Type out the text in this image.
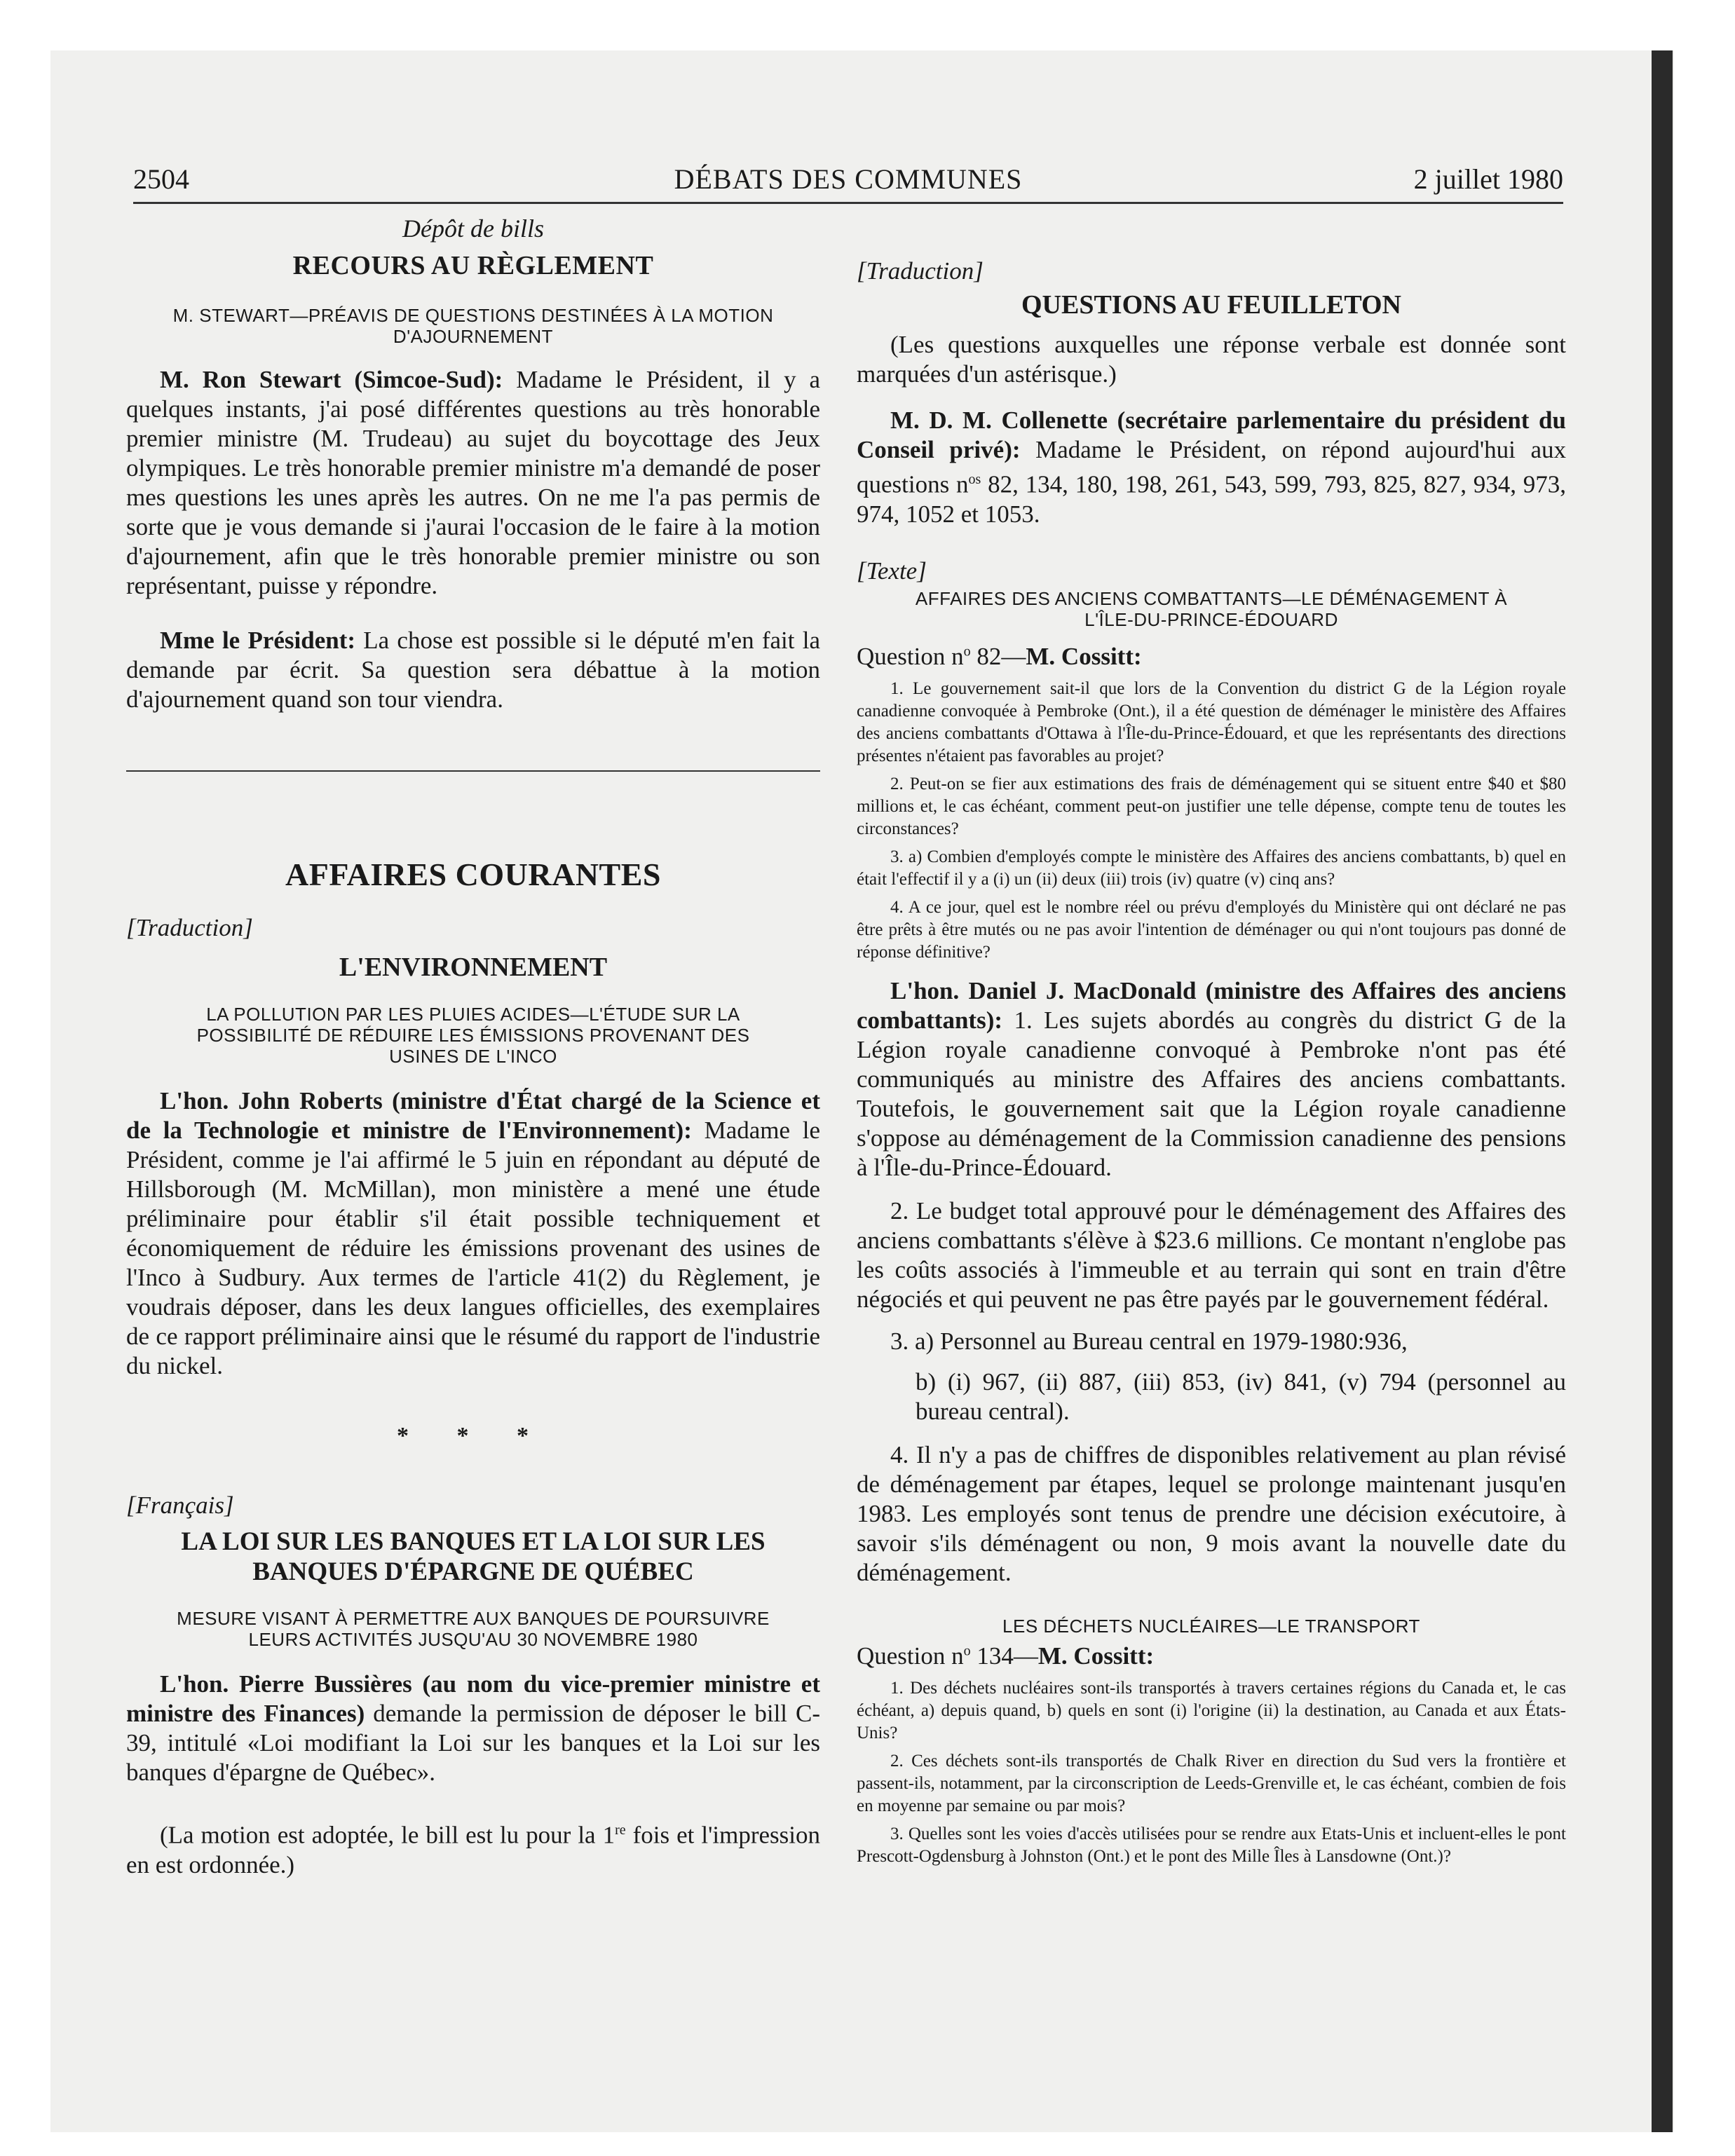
2504	DÉBATS DES COMMUNES	2 juillet 1980

Dépôt de bills

RECOURS AU RÈGLEMENT

M. STEWART—PRÉAVIS DE QUESTIONS DESTINÉES À LA MOTION

D'AJOURNEMENT

M. Ron Stewart (Simcoe-Sud): Madame le Président, il y a quelques instants, j'ai posé différentes questions au très honorable premier ministre (M. Trudeau) au sujet du boycottage des Jeux olympiques. Le très honorable premier ministre m'a demandé de poser mes questions les unes après les autres. On ne me l'a pas permis de sorte que je vous demande si j'aurai l'occasion de le faire à la motion d'ajournement, afin que le très honorable premier ministre ou son représentant, puisse y répondre.

Mme le Président: La chose est possible si le député m'en fait la demande par écrit. Sa question sera débattue à la motion d'ajournement quand son tour viendra.

AFFAIRES COURANTES

[Traduction]

L'ENVIRONNEMENT

LA POLLUTION PAR LES PLUIES ACIDES—L'ÉTUDE SUR LA

POSSIBILITÉ DE RÉDUIRE LES ÉMISSIONS PROVENANT DES

USINES DE L'INCO

L'hon. John Roberts (ministre d'État chargé de la Science et de la Technologie et ministre de l'Environnement): Madame le Président, comme je l'ai affirmé le 5 juin en répondant au député de Hillsborough (M. McMillan), mon ministère a mené une étude préliminaire pour établir s'il était possible techniquement et économiquement de réduire les émissions provenant des usines de l'Inco à Sudbury. Aux termes de l'article 41(2) du Règlement, je voudrais déposer, dans les deux langues officielles, des exemplaires de ce rapport préliminaire ainsi que le résumé du rapport de l'industrie du nickel.

* * *

[Français]

LA LOI SUR LES BANQUES ET LA LOI SUR LES

BANQUES D'ÉPARGNE DE QUÉBEC

MESURE VISANT À PERMETTRE AUX BANQUES DE POURSUIVRE

LEURS ACTIVITÉS JUSQU'AU 30 NOVEMBRE 1980

L'hon. Pierre Bussières (au nom du vice-premier ministre et ministre des Finances) demande la permission de déposer le bill C-39, intitulé «Loi modifiant la Loi sur les banques et la Loi sur les banques d'épargne de Québec».

(La motion est adoptée, le bill est lu pour la 1re fois et l'impression en est ordonnée.)

[Traduction]

QUESTIONS AU FEUILLETON

(Les questions auxquelles une réponse verbale est donnée sont marquées d'un astérisque.)

M. D. M. Collenette (secrétaire parlementaire du président du Conseil privé): Madame le Président, on répond aujourd'hui aux questions $n^{os}$ 82, 134, 180, 198, 261, 543, 599, 793, 825, 827, 934, 973, 974, 1052 et 1053.

[Texte]

AFFAIRES DES ANCIENS COMBATTANTS—LE DÉMÉNAGEMENT À

L'ÎLE-DU-PRINCE-ÉDOUARD

Question $n^o$ 82—M. Cossitt:

1. Le gouvernement sait-il que lors de la Convention du district G de la Légion royale canadienne convoquée à Pembroke (Ont.), il a été question de déménager le ministère des Affaires des anciens combattants d'Ottawa à l'Île-du-Prince-Édouard, et que les représentants des directions présentes n'étaient pas favorables au projet?

2. Peut-on se fier aux estimations des frais de déménagement qui se situent entre $40 et $80 millions et, le cas échéant, comment peut-on justifier une telle dépense, compte tenu de toutes les circonstances?

3. a) Combien d'employés compte le ministère des Affaires des anciens combattants, b) quel en était l'effectif il y a (i) un (ii) deux (iii) trois (iv) quatre (v) cinq ans?

4. A ce jour, quel est le nombre réel ou prévu d'employés du Ministère qui ont déclaré ne pas être prêts à être mutés ou ne pas avoir l'intention de déménager ou qui n'ont toujours pas donné de réponse définitive?

L'hon. Daniel J. MacDonald (ministre des Affaires des anciens combattants): 1. Les sujets abordés au congrès du district G de la Légion royale canadienne convoqué à Pembroke n'ont pas été communiqués au ministre des Affaires des anciens combattants. Toutefois, le gouvernement sait que la Légion royale canadienne s'oppose au déménagement de la Commission canadienne des pensions à l'Île-du-Prince-Édouard.

2. Le budget total approuvé pour le déménagement des Affaires des anciens combattants s'élève à $23.6 millions. Ce montant n'englobe pas les coûts associés à l'immeuble et au terrain qui sont en train d'être négociés et qui peuvent ne pas être payés par le gouvernement fédéral.

3. a) Personnel au Bureau central en 1979-1980:936,

b) (i) 967, (ii) 887, (iii) 853, (iv) 841, (v) 794 (personnel au bureau central).

4. Il n'y a pas de chiffres de disponibles relativement au plan révisé de déménagement par étapes, lequel se prolonge maintenant jusqu'en 1983. Les employés sont tenus de prendre une décision exécutoire, à savoir s'ils déménagent ou non, 9 mois avant la nouvelle date du déménagement.

LES DÉCHETS NUCLÉAIRES—LE TRANSPORT

Question $n^o$ 134—M. Cossitt:

1. Des déchets nucléaires sont-ils transportés à travers certaines régions du Canada et, le cas échéant, a) depuis quand, b) quels en sont (i) l'origine (ii) la destination, au Canada et aux États-Unis?

2. Ces déchets sont-ils transportés de Chalk River en direction du Sud vers la frontière et passent-ils, notamment, par la circonscription de Leeds-Grenville et, le cas échéant, combien de fois en moyenne par semaine ou par mois?

3. Quelles sont les voies d'accès utilisées pour se rendre aux Etats-Unis et incluent-elles le pont Prescott-Ogdensburg à Johnston (Ont.) et le pont des Mille Îles à Lansdowne (Ont.)?
